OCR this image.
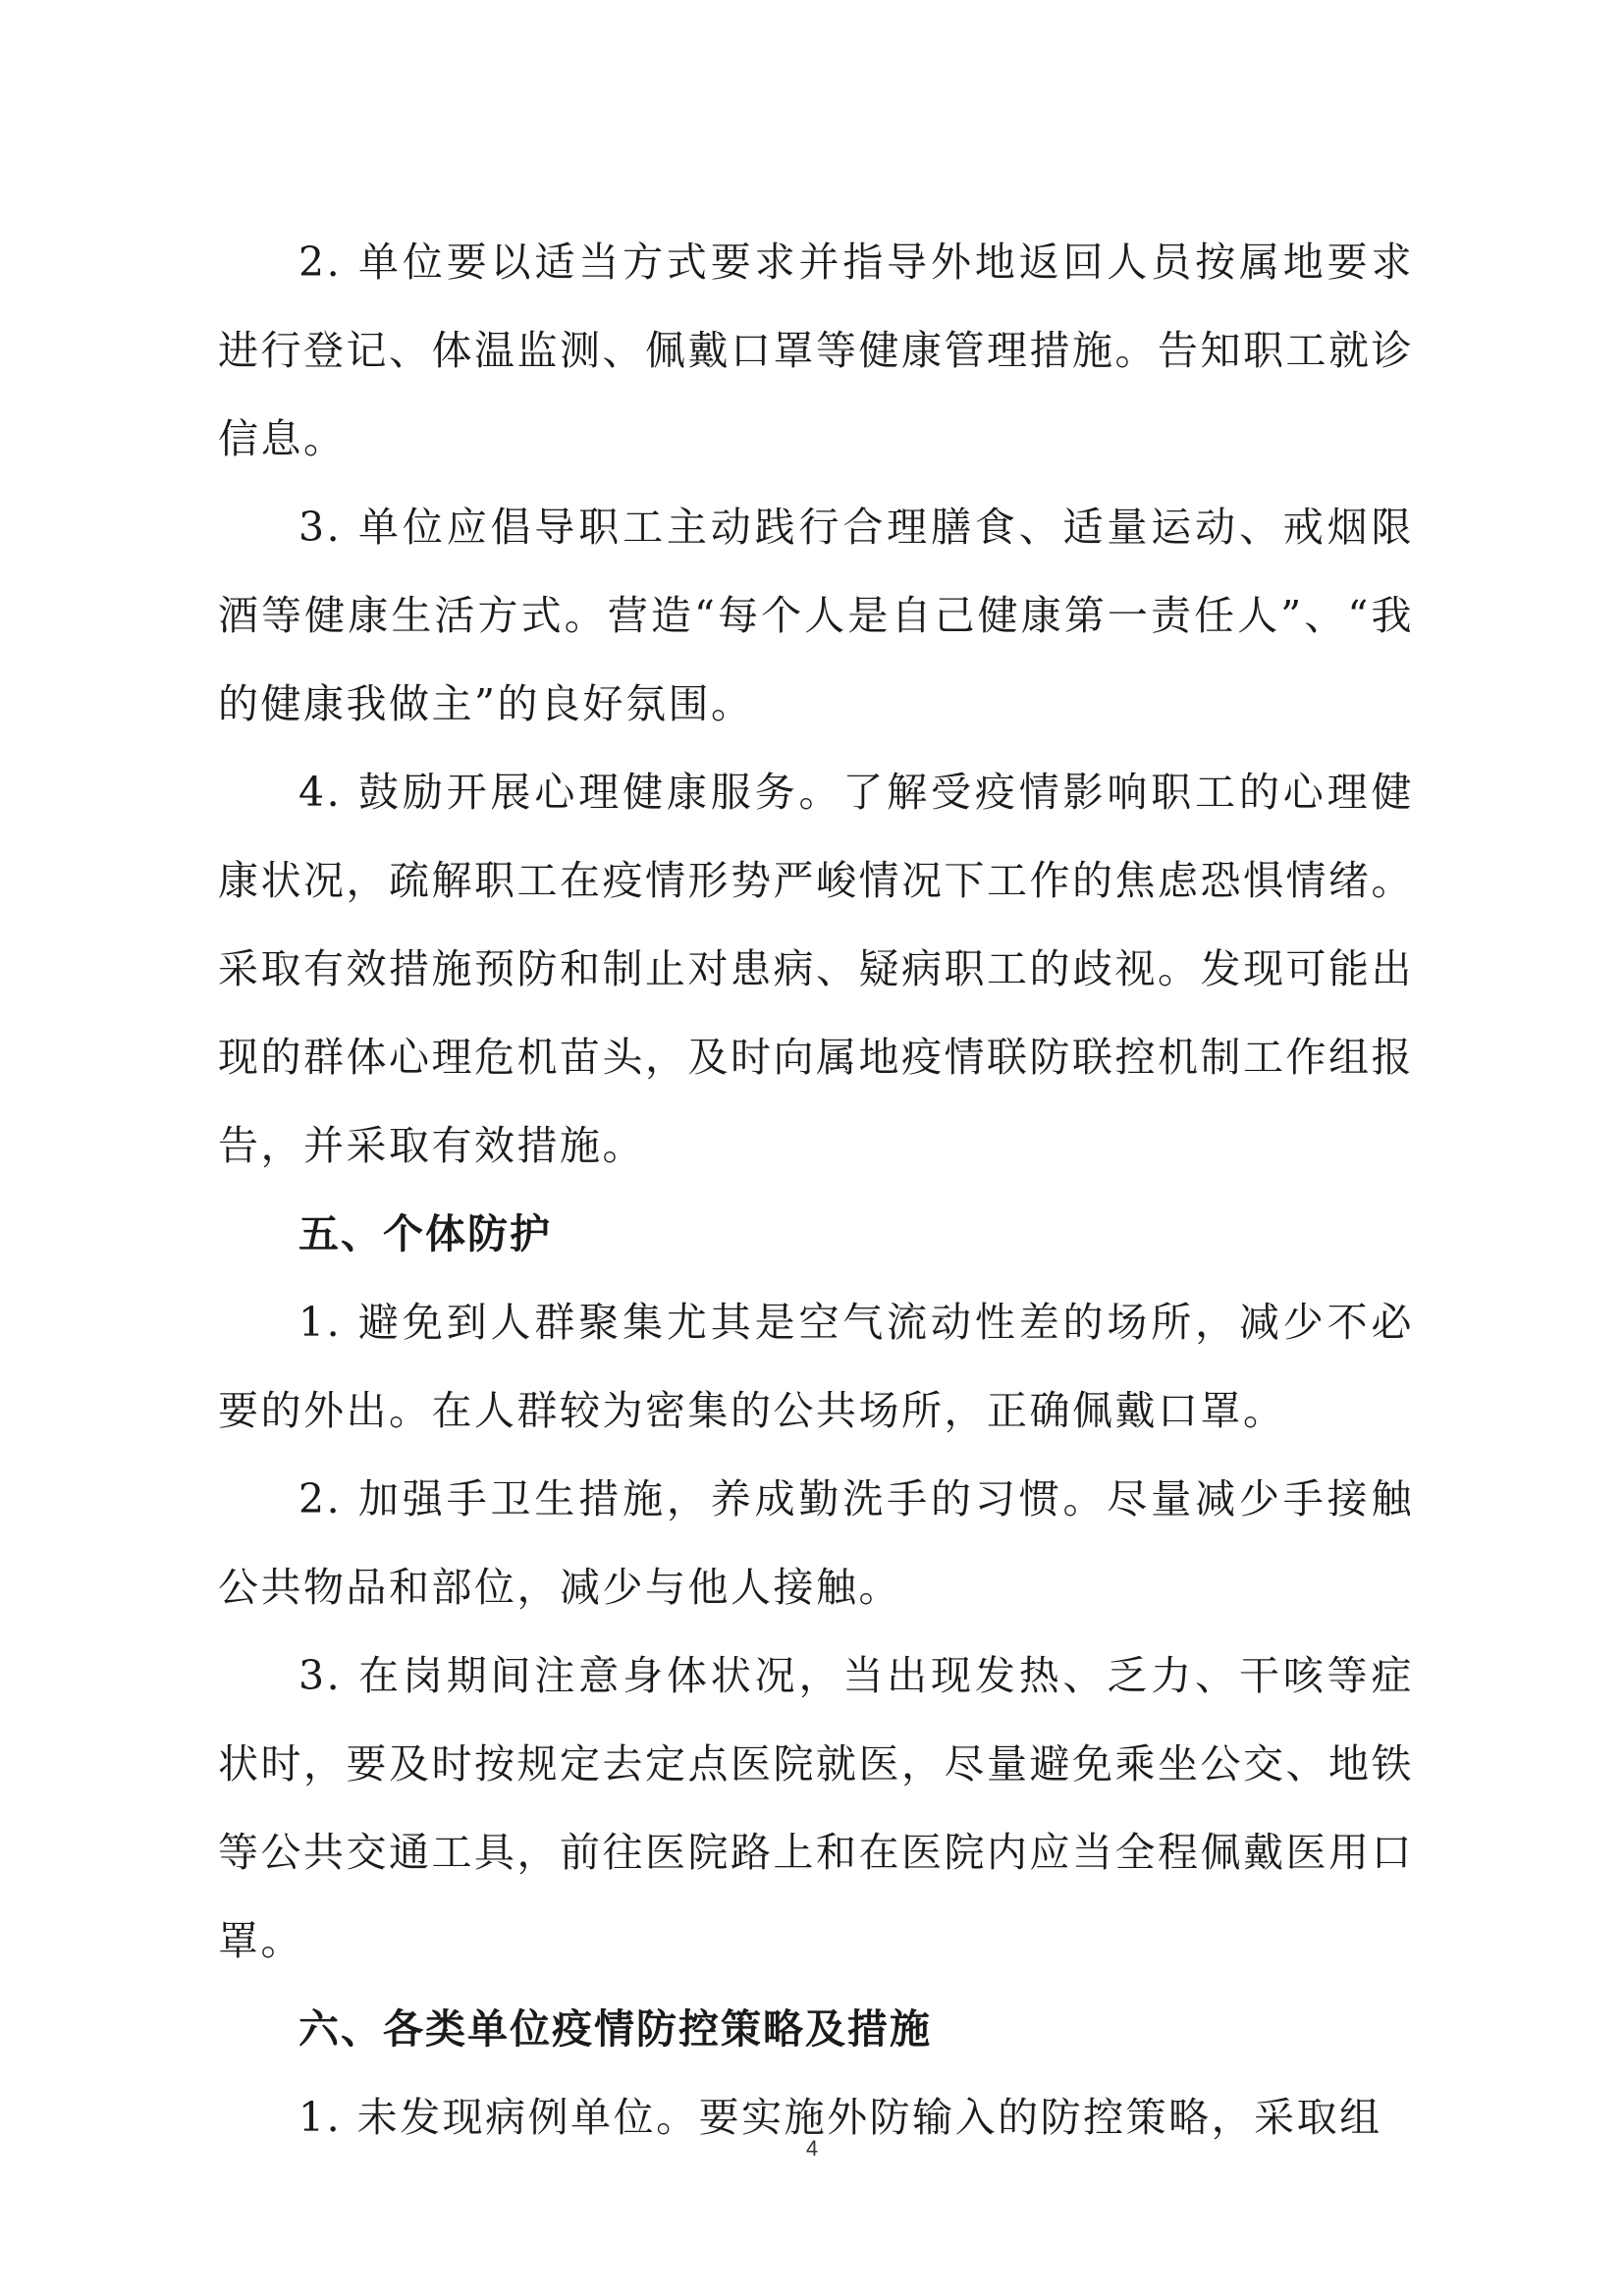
2. 单位要以适当方式要求并指导外地返回人员按属地要求进行登记、体温监测、佩戴口罩等健康管理措施。告知职工就诊信息。

3. 单位应倡导职工主动践行合理膳食、适量运动、戒烟限酒等健康生活方式。营造“每个人是自己健康第一责任人”、“我的健康我做主”的良好氛围。

4. 鼓励开展心理健康服务。了解受疫情影响职工的心理健康状况，疏解职工在疫情形势严峻情况下工作的焦虑恐惧情绪。采取有效措施预防和制止对患病、疑病职工的歧视。发现可能出现的群体心理危机苗头，及时向属地疫情联防联控机制工作组报告，并采取有效措施。

五、个体防护

1. 避免到人群聚集尤其是空气流动性差的场所，减少不必要的外出。在人群较为密集的公共场所，正确佩戴口罩。

2. 加强手卫生措施，养成勤洗手的习惯。尽量减少手接触公共物品和部位，减少与他人接触。

3. 在岗期间注意身体状况，当出现发热、乏力、干咳等症状时，要及时按规定去定点医院就医，尽量避免乘坐公交、地铁等公共交通工具，前往医院路上和在医院内应当全程佩戴医用口罩。

六、各类单位疫情防控策略及措施

1. 未发现病例单位。要实施外防输入的防控策略，采取组

4
